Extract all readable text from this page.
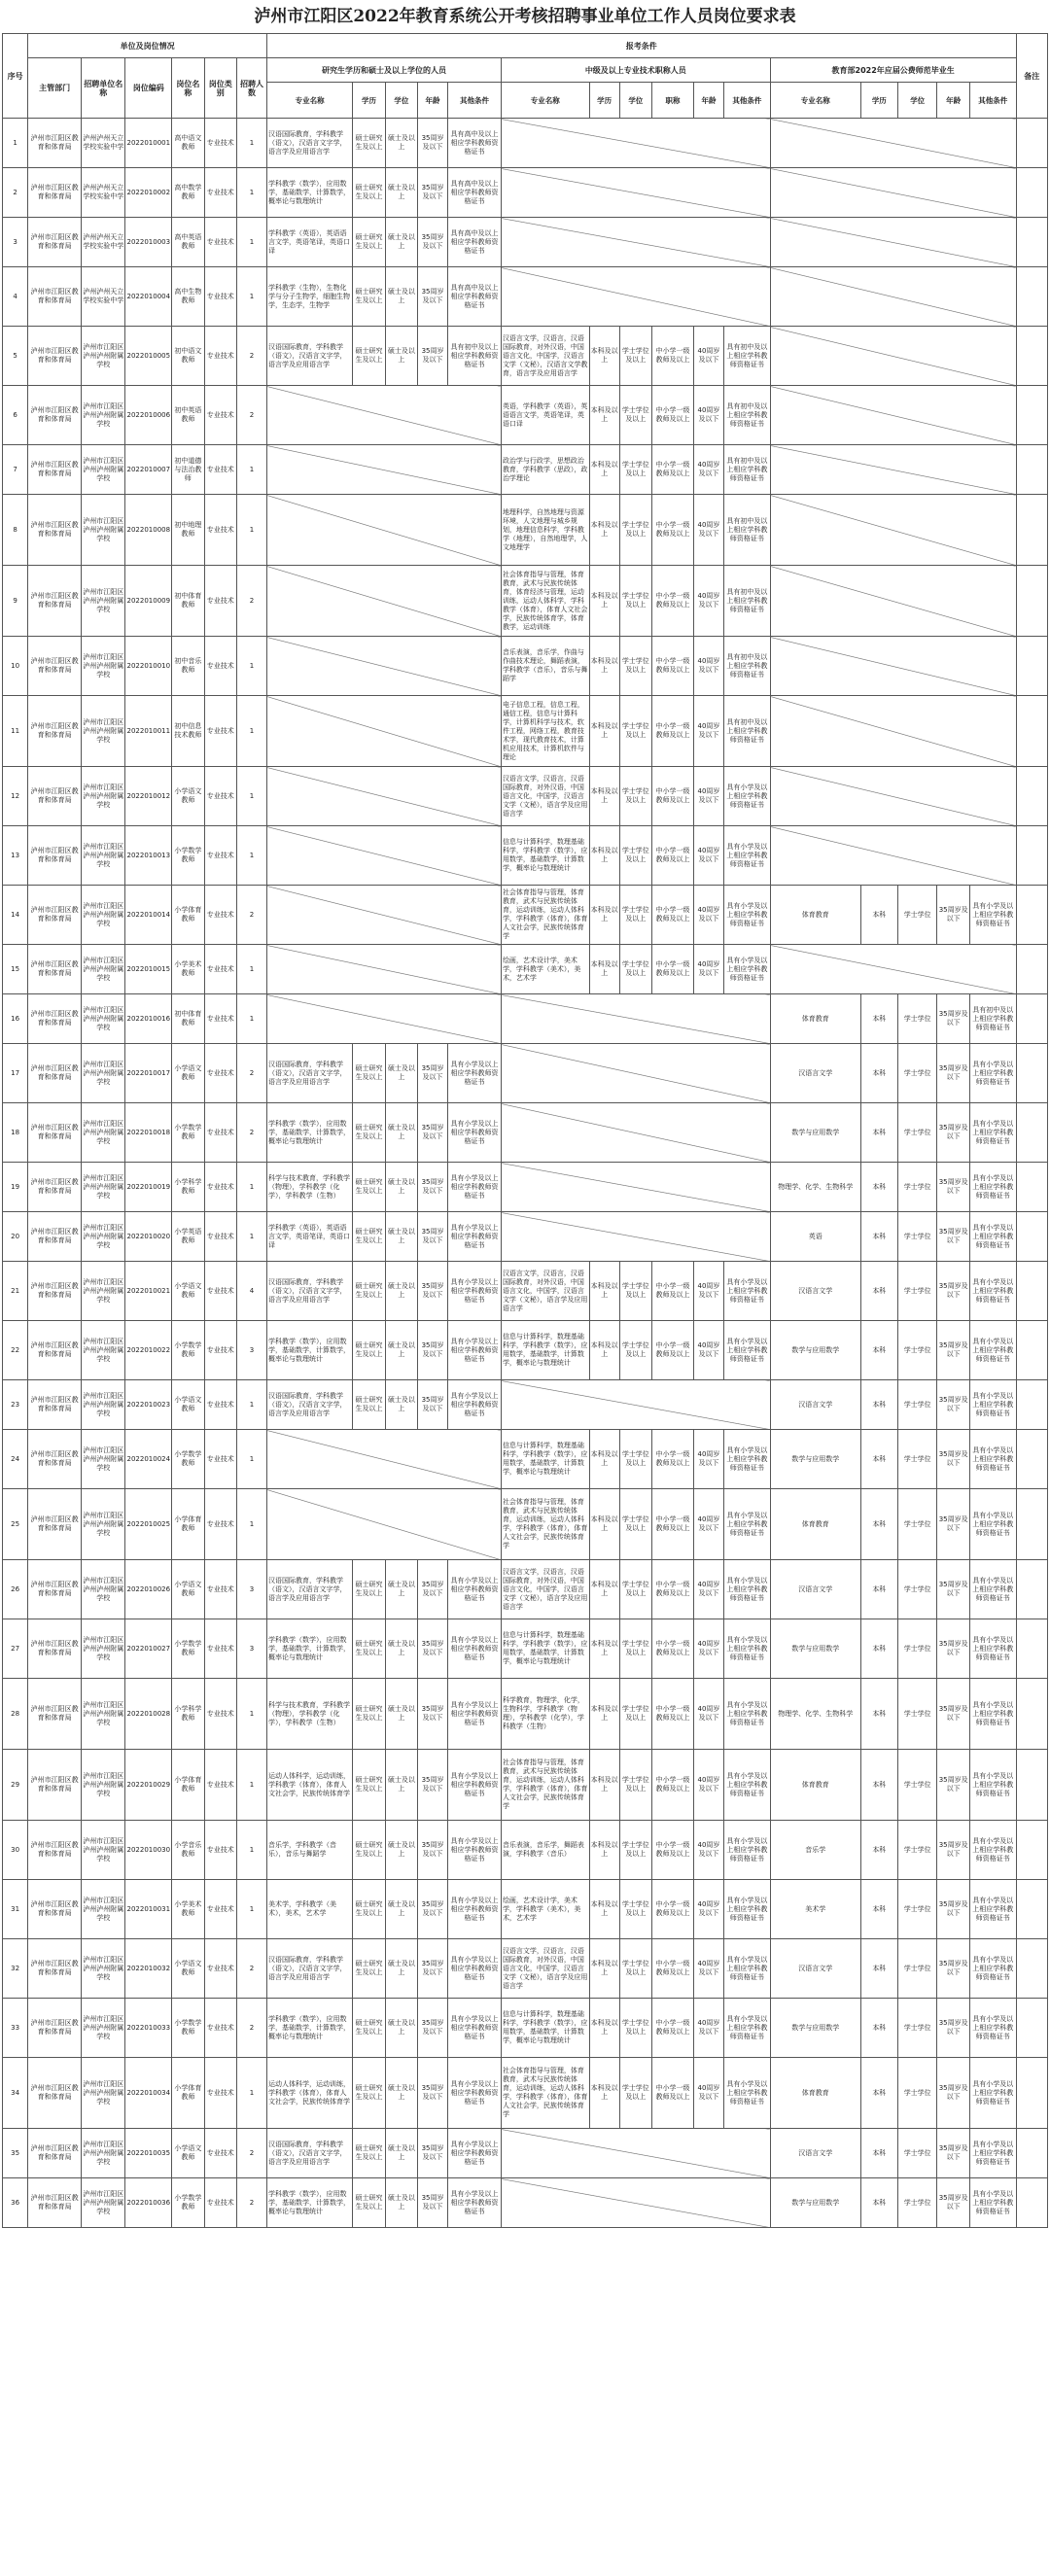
泸州市江阳区2022年教育系统公开考核招聘事业单位工作人员岗位要求表
序号	单位及岗位情况						报考条件																备注
	主管部门	招聘单位名称	岗位编码	岗位名称	岗位类别	招聘人数	研究生学历和硕士及以上学位的人员					中级及以上专业技术职称人员						教育部2022年应届公费师范毕业生					
							专业名称	学历	学位	年龄	其他条件	专业名称	学历	学位	职称	年龄	其他条件	专业名称	学历	学位	年龄	其他条件	
1	泸州市江阳区教育和体育局	泸州泸州天立学校实验中学	2022010001	高中语文教师	专业技术	1	汉语国际教育，学科教学（语文），汉语言文字学，语言学及应用语言学	硕士研究生及以上	硕士及以上	35周岁及以下	具有高中及以上相应学科教师资格证书												
2	泸州市江阳区教育和体育局	泸州泸州天立学校实验中学	2022010002	高中数学教师	专业技术	1	学科教学（数学），应用数学，基础数学，计算数学，概率论与数理统计	硕士研究生及以上	硕士及以上	35周岁及以下	具有高中及以上相应学科教师资格证书												
3	泸州市江阳区教育和体育局	泸州泸州天立学校实验中学	2022010003	高中英语教师	专业技术	1	学科教学（英语），英语语言文学，英语笔译，英语口译	硕士研究生及以上	硕士及以上	35周岁及以下	具有高中及以上相应学科教师资格证书												
4	泸州市江阳区教育和体育局	泸州泸州天立学校实验中学	2022010004	高中生物教师	专业技术	1	学科教学（生物），生物化学与分子生物学，细胞生物学，生态学，生物学	硕士研究生及以上	硕士及以上	35周岁及以下	具有高中及以上相应学科教师资格证书												
5	泸州市江阳区教育和体育局	泸州市江阳区泸州泸州附属学校	2022010005	初中语文教师	专业技术	2	汉语国际教育，学科教学（语文），汉语言文字学，语言学及应用语言学	硕士研究生及以上	硕士及以上	35周岁及以下	具有初中及以上相应学科教师资格证书	汉语言文学，汉语言，汉语国际教育，对外汉语，中国语言文化，中国学，汉语言文学（文秘），汉语言文学教育，语言学及应用语言学	本科及以上	学士学位及以上	中小学一级教师及以上	40周岁及以下	具有初中及以上相应学科教师资格证书						
6	泸州市江阳区教育和体育局	泸州市江阳区泸州泸州附属学校	2022010006	初中英语教师	专业技术	2						英语，学科教学（英语），英语语言文学，英语笔译，英语口译	本科及以上	学士学位及以上	中小学一级教师及以上	40周岁及以下	具有初中及以上相应学科教师资格证书						
7	泸州市江阳区教育和体育局	泸州市江阳区泸州泸州附属学校	2022010007	初中道德与法治教师	专业技术	1						政治学与行政学，思想政治教育，学科教学（思政），政治学理论	本科及以上	学士学位及以上	中小学一级教师及以上	40周岁及以下	具有初中及以上相应学科教师资格证书						
8	泸州市江阳区教育和体育局	泸州市江阳区泸州泸州附属学校	2022010008	初中地理教师	专业技术	1						地理科学，自然地理与资源环境，人文地理与城乡规划，地理信息科学，学科教学（地理），自然地理学，人文地理学	本科及以上	学士学位及以上	中小学一级教师及以上	40周岁及以下	具有初中及以上相应学科教师资格证书						
9	泸州市江阳区教育和体育局	泸州市江阳区泸州泸州附属学校	2022010009	初中体育教师	专业技术	2						社会体育指导与管理，体育教育，武术与民族传统体育，体育经济与管理，运动训练，运动人体科学，学科教学（体育），体育人文社会学，民族传统体育学，体育教学，运动训练	本科及以上	学士学位及以上	中小学一级教师及以上	40周岁及以下	具有初中及以上相应学科教师资格证书						
10	泸州市江阳区教育和体育局	泸州市江阳区泸州泸州附属学校	2022010010	初中音乐教师	专业技术	1						音乐表演，音乐学，作曲与作曲技术理论，舞蹈表演，学科教学（音乐），音乐与舞蹈学	本科及以上	学士学位及以上	中小学一级教师及以上	40周岁及以下	具有初中及以上相应学科教师资格证书						
11	泸州市江阳区教育和体育局	泸州市江阳区泸州泸州附属学校	2022010011	初中信息技术教师	专业技术	1						电子信息工程，信息工程，通信工程，信息与计算科学，计算机科学与技术，软件工程，网络工程，教育技术学，现代教育技术，计算机应用技术，计算机软件与理论	本科及以上	学士学位及以上	中小学一级教师及以上	40周岁及以下	具有初中及以上相应学科教师资格证书						
12	泸州市江阳区教育和体育局	泸州市江阳区泸州泸州附属学校	2022010012	小学语文教师	专业技术	1						汉语言文学，汉语言，汉语国际教育，对外汉语，中国语言文化，中国学，汉语言文学（文秘），语言学及应用语言学	本科及以上	学士学位及以上	中小学一级教师及以上	40周岁及以下	具有小学及以上相应学科教师资格证书						
13	泸州市江阳区教育和体育局	泸州市江阳区泸州泸州附属学校	2022010013	小学数学教师	专业技术	1						信息与计算科学，数理基础科学，学科教学（数学），应用数学，基础数学，计算数学，概率论与数理统计	本科及以上	学士学位及以上	中小学一级教师及以上	40周岁及以下	具有小学及以上相应学科教师资格证书						
14	泸州市江阳区教育和体育局	泸州市江阳区泸州泸州附属学校	2022010014	小学体育教师	专业技术	2						社会体育指导与管理，体育教育，武术与民族传统体育，运动训练，运动人体科学，学科教学（体育），体育人文社会学，民族传统体育学	本科及以上	学士学位及以上	中小学一级教师及以上	40周岁及以下	具有小学及以上相应学科教师资格证书	体育教育	本科	学士学位	35周岁及以下	具有小学及以上相应学科教师资格证书	
15	泸州市江阳区教育和体育局	泸州市江阳区泸州泸州附属学校	2022010015	小学美术教师	专业技术	1						绘画，艺术设计学，美术学，学科教学（美术），美术，艺术学	本科及以上	学士学位及以上	中小学一级教师及以上	40周岁及以下	具有小学及以上相应学科教师资格证书						
16	泸州市江阳区教育和体育局	泸州市江阳区泸州泸州附属学校	2022010016	初中体育教师	专业技术	1												体育教育	本科	学士学位	35周岁及以下	具有初中及以上相应学科教师资格证书	
17	泸州市江阳区教育和体育局	泸州市江阳区泸州泸州附属学校	2022010017	小学语文教师	专业技术	2	汉语国际教育，学科教学（语文），汉语言文字学，语言学及应用语言学	硕士研究生及以上	硕士及以上	35周岁及以下	具有小学及以上相应学科教师资格证书							汉语言文学	本科	学士学位	35周岁及以下	具有小学及以上相应学科教师资格证书	
18	泸州市江阳区教育和体育局	泸州市江阳区泸州泸州附属学校	2022010018	小学数学教师	专业技术	2	学科教学（数学），应用数学，基础数学，计算数学，概率论与数理统计	硕士研究生及以上	硕士及以上	35周岁及以下	具有小学及以上相应学科教师资格证书							数学与应用数学	本科	学士学位	35周岁及以下	具有小学及以上相应学科教师资格证书	
19	泸州市江阳区教育和体育局	泸州市江阳区泸州泸州附属学校	2022010019	小学科学教师	专业技术	1	科学与技术教育，学科教学（物理），学科教学（化学），学科教学（生物）	硕士研究生及以上	硕士及以上	35周岁及以下	具有小学及以上相应学科教师资格证书							物理学、化学、生物科学	本科	学士学位	35周岁及以下	具有小学及以上相应学科教师资格证书	
20	泸州市江阳区教育和体育局	泸州市江阳区泸州泸州附属学校	2022010020	小学英语教师	专业技术	1	学科教学（英语），英语语言文学，英语笔译，英语口译	硕士研究生及以上	硕士及以上	35周岁及以下	具有小学及以上相应学科教师资格证书							英语	本科	学士学位	35周岁及以下	具有小学及以上相应学科教师资格证书	
21	泸州市江阳区教育和体育局	泸州市江阳区泸州泸州附属学校	2022010021	小学语文教师	专业技术	4	汉语国际教育，学科教学（语文），汉语言文字学，语言学及应用语言学	硕士研究生及以上	硕士及以上	35周岁及以下	具有小学及以上相应学科教师资格证书	汉语言文学，汉语言，汉语国际教育，对外汉语，中国语言文化，中国学，汉语言文学（文秘），语言学及应用语言学	本科及以上	学士学位及以上	中小学一级教师及以上	40周岁及以下	具有小学及以上相应学科教师资格证书	汉语言文学	本科	学士学位	35周岁及以下	具有小学及以上相应学科教师资格证书	
22	泸州市江阳区教育和体育局	泸州市江阳区泸州泸州附属学校	2022010022	小学数学教师	专业技术	3	学科教学（数学），应用数学，基础数学，计算数学，概率论与数理统计	硕士研究生及以上	硕士及以上	35周岁及以下	具有小学及以上相应学科教师资格证书	信息与计算科学，数理基础科学，学科教学（数学），应用数学，基础数学，计算数学，概率论与数理统计	本科及以上	学士学位及以上	中小学一级教师及以上	40周岁及以下	具有小学及以上相应学科教师资格证书	数学与应用数学	本科	学士学位	35周岁及以下	具有小学及以上相应学科教师资格证书	
23	泸州市江阳区教育和体育局	泸州市江阳区泸州泸州附属学校	2022010023	小学语文教师	专业技术	1	汉语国际教育，学科教学（语文），汉语言文字学，语言学及应用语言学	硕士研究生及以上	硕士及以上	35周岁及以下	具有小学及以上相应学科教师资格证书							汉语言文学	本科	学士学位	35周岁及以下	具有小学及以上相应学科教师资格证书	
24	泸州市江阳区教育和体育局	泸州市江阳区泸州泸州附属学校	2022010024	小学数学教师	专业技术	1						信息与计算科学，数理基础科学，学科教学（数学），应用数学，基础数学，计算数学，概率论与数理统计	本科及以上	学士学位及以上	中小学一级教师及以上	40周岁及以下	具有小学及以上相应学科教师资格证书	数学与应用数学	本科	学士学位	35周岁及以下	具有小学及以上相应学科教师资格证书	
25	泸州市江阳区教育和体育局	泸州市江阳区泸州泸州附属学校	2022010025	小学体育教师	专业技术	1						社会体育指导与管理，体育教育，武术与民族传统体育，运动训练，运动人体科学，学科教学（体育），体育人文社会学，民族传统体育学	本科及以上	学士学位及以上	中小学一级教师及以上	40周岁及以下	具有小学及以上相应学科教师资格证书	体育教育	本科	学士学位	35周岁及以下	具有小学及以上相应学科教师资格证书	
26	泸州市江阳区教育和体育局	泸州市江阳区泸州泸州附属学校	2022010026	小学语文教师	专业技术	3	汉语国际教育，学科教学（语文），汉语言文字学，语言学及应用语言学	硕士研究生及以上	硕士及以上	35周岁及以下	具有小学及以上相应学科教师资格证书	汉语言文学，汉语言，汉语国际教育，对外汉语，中国语言文化，中国学，汉语言文学（文秘），语言学及应用语言学	本科及以上	学士学位及以上	中小学一级教师及以上	40周岁及以下	具有小学及以上相应学科教师资格证书	汉语言文学	本科	学士学位	35周岁及以下	具有小学及以上相应学科教师资格证书	
27	泸州市江阳区教育和体育局	泸州市江阳区泸州泸州附属学校	2022010027	小学数学教师	专业技术	3	学科教学（数学），应用数学，基础数学，计算数学，概率论与数理统计	硕士研究生及以上	硕士及以上	35周岁及以下	具有小学及以上相应学科教师资格证书	信息与计算科学，数理基础科学，学科教学（数学），应用数学，基础数学，计算数学，概率论与数理统计	本科及以上	学士学位及以上	中小学一级教师及以上	40周岁及以下	具有小学及以上相应学科教师资格证书	数学与应用数学	本科	学士学位	35周岁及以下	具有小学及以上相应学科教师资格证书	
28	泸州市江阳区教育和体育局	泸州市江阳区泸州泸州附属学校	2022010028	小学科学教师	专业技术	1	科学与技术教育，学科教学（物理），学科教学（化学），学科教学（生物）	硕士研究生及以上	硕士及以上	35周岁及以下	具有小学及以上相应学科教师资格证书	科学教育，物理学，化学，生物科学，学科教学（物理），学科教学（化学），学科教学（生物）	本科及以上	学士学位及以上	中小学一级教师及以上	40周岁及以下	具有小学及以上相应学科教师资格证书	物理学、化学、生物科学	本科	学士学位	35周岁及以下	具有小学及以上相应学科教师资格证书	
29	泸州市江阳区教育和体育局	泸州市江阳区泸州泸州附属学校	2022010029	小学体育教师	专业技术	1	运动人体科学，运动训练，学科教学（体育），体育人文社会学，民族传统体育学	硕士研究生及以上	硕士及以上	35周岁及以下	具有小学及以上相应学科教师资格证书	社会体育指导与管理，体育教育，武术与民族传统体育，运动训练，运动人体科学，学科教学（体育），体育人文社会学，民族传统体育学	本科及以上	学士学位及以上	中小学一级教师及以上	40周岁及以下	具有小学及以上相应学科教师资格证书	体育教育	本科	学士学位	35周岁及以下	具有小学及以上相应学科教师资格证书	
30	泸州市江阳区教育和体育局	泸州市江阳区泸州泸州附属学校	2022010030	小学音乐教师	专业技术	1	音乐学，学科教学（音乐），音乐与舞蹈学	硕士研究生及以上	硕士及以上	35周岁及以下	具有小学及以上相应学科教师资格证书	音乐表演，音乐学，舞蹈表演，学科教学（音乐）	本科及以上	学士学位及以上	中小学一级教师及以上	40周岁及以下	具有小学及以上相应学科教师资格证书	音乐学	本科	学士学位	35周岁及以下	具有小学及以上相应学科教师资格证书	
31	泸州市江阳区教育和体育局	泸州市江阳区泸州泸州附属学校	2022010031	小学美术教师	专业技术	1	美术学，学科教学（美术），美术，艺术学	硕士研究生及以上	硕士及以上	35周岁及以下	具有小学及以上相应学科教师资格证书	绘画，艺术设计学，美术学，学科教学（美术），美术，艺术学	本科及以上	学士学位及以上	中小学一级教师及以上	40周岁及以下	具有小学及以上相应学科教师资格证书	美术学	本科	学士学位	35周岁及以下	具有小学及以上相应学科教师资格证书	
32	泸州市江阳区教育和体育局	泸州市江阳区泸州泸州附属学校	2022010032	小学语文教师	专业技术	2	汉语国际教育，学科教学（语文），汉语言文字学，语言学及应用语言学	硕士研究生及以上	硕士及以上	35周岁及以下	具有小学及以上相应学科教师资格证书	汉语言文学，汉语言，汉语国际教育，对外汉语，中国语言文化，中国学，汉语言文学（文秘），语言学及应用语言学	本科及以上	学士学位及以上	中小学一级教师及以上	40周岁及以下	具有小学及以上相应学科教师资格证书	汉语言文学	本科	学士学位	35周岁及以下	具有小学及以上相应学科教师资格证书	
33	泸州市江阳区教育和体育局	泸州市江阳区泸州泸州附属学校	2022010033	小学数学教师	专业技术	2	学科教学（数学），应用数学，基础数学，计算数学，概率论与数理统计	硕士研究生及以上	硕士及以上	35周岁及以下	具有小学及以上相应学科教师资格证书	信息与计算科学，数理基础科学，学科教学（数学），应用数学，基础数学，计算数学，概率论与数理统计	本科及以上	学士学位及以上	中小学一级教师及以上	40周岁及以下	具有小学及以上相应学科教师资格证书	数学与应用数学	本科	学士学位	35周岁及以下	具有小学及以上相应学科教师资格证书	
34	泸州市江阳区教育和体育局	泸州市江阳区泸州泸州附属学校	2022010034	小学体育教师	专业技术	1	运动人体科学，运动训练，学科教学（体育），体育人文社会学，民族传统体育学	硕士研究生及以上	硕士及以上	35周岁及以下	具有小学及以上相应学科教师资格证书	社会体育指导与管理，体育教育，武术与民族传统体育，运动训练，运动人体科学，学科教学（体育），体育人文社会学，民族传统体育学	本科及以上	学士学位及以上	中小学一级教师及以上	40周岁及以下	具有小学及以上相应学科教师资格证书	体育教育	本科	学士学位	35周岁及以下	具有小学及以上相应学科教师资格证书	
35	泸州市江阳区教育和体育局	泸州市江阳区泸州泸州附属学校	2022010035	小学语文教师	专业技术	2	汉语国际教育，学科教学（语文），汉语言文字学，语言学及应用语言学	硕士研究生及以上	硕士及以上	35周岁及以下	具有小学及以上相应学科教师资格证书							汉语言文学	本科	学士学位	35周岁及以下	具有小学及以上相应学科教师资格证书	
36	泸州市江阳区教育和体育局	泸州市江阳区泸州泸州附属学校	2022010036	小学数学教师	专业技术	2	学科教学（数学），应用数学，基础数学，计算数学，概率论与数理统计	硕士研究生及以上	硕士及以上	35周岁及以下	具有小学及以上相应学科教师资格证书							数学与应用数学	本科	学士学位	35周岁及以下	具有小学及以上相应学科教师资格证书	
